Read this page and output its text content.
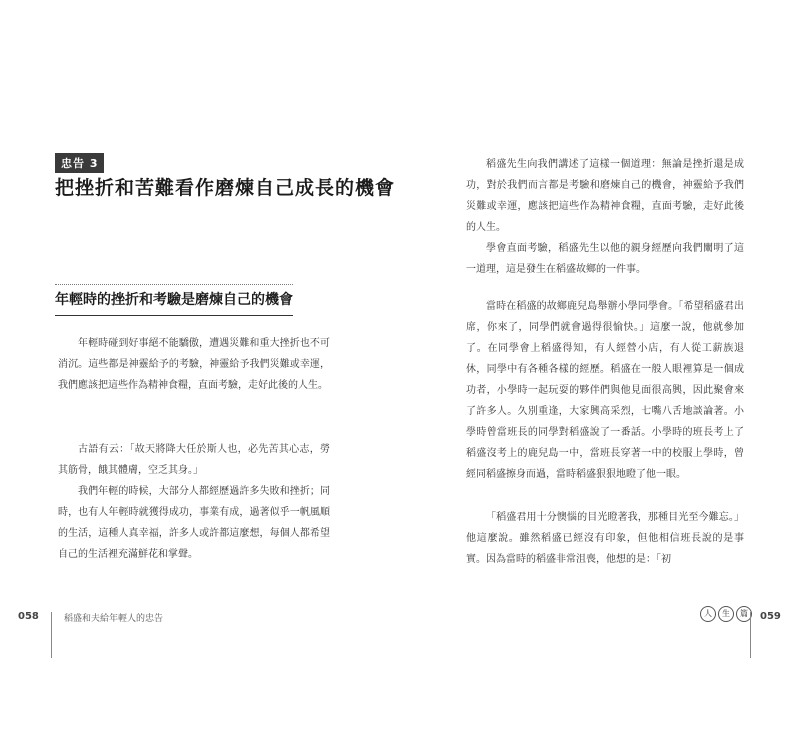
忠告 3
把挫折和苦難看作磨煉自己成長的機會
年輕時的挫折和考驗是磨煉自己的機會

年輕時碰到好事絕不能驕傲，遭遇災難和重大挫折也不可消沉。這些都是神靈給予的考驗，神靈給予我們災難或幸運，我們應該把這些作為精神食糧，直面考驗，走好此後的人生。

古語有云：「故天將降大任於斯人也，必先苦其心志，勞其筋骨，餓其體膚，空乏其身。」

我們年輕的時候，大部分人都經歷過許多失敗和挫折；同時，也有人年輕時就獲得成功，事業有成，過著似乎一帆風順的生活，這種人真幸福，許多人或許都這麼想，每個人都希望自己的生活裡充滿鮮花和掌聲。

稻盛先生向我們講述了這樣一個道理：無論是挫折還是成功，對於我們而言都是考驗和磨煉自己的機會，神靈給予我們災難或幸運，應該把這些作為精神食糧，直面考驗，走好此後的人生。

學會直面考驗，稻盛先生以他的親身經歷向我們闡明了這一道理，這是發生在稻盛故鄉的一件事。

當時在稻盛的故鄉鹿兒島舉辦小學同學會。「希望稻盛君出席，你來了，同學們就會過得很愉快。」這麼一說，他就參加了。在同學會上稻盛得知，有人經營小店，有人從工薪族退休，同學中有各種各樣的經歷。稻盛在一般人眼裡算是一個成功者，小學時一起玩耍的夥伴們與他見面很高興，因此聚會來了許多人。久別重逢，大家興高采烈，七嘴八舌地談論著。小學時曾當班長的同學對稻盛說了一番話。小學時的班長考上了稻盛沒考上的鹿兒島一中，當班長穿著一中的校服上學時，曾經同稻盛擦身而過，當時稻盛狠狠地瞪了他一眼。

「稻盛君用十分懊惱的目光瞪著我，那種目光至今難忘。」他這麼說。雖然稻盛已經沒有印象，但他相信班長說的是事實。因為當時的稻盛非常沮喪，他想的是：「初

058	稻盛和夫給年輕人的忠告
人	生	篇	059
